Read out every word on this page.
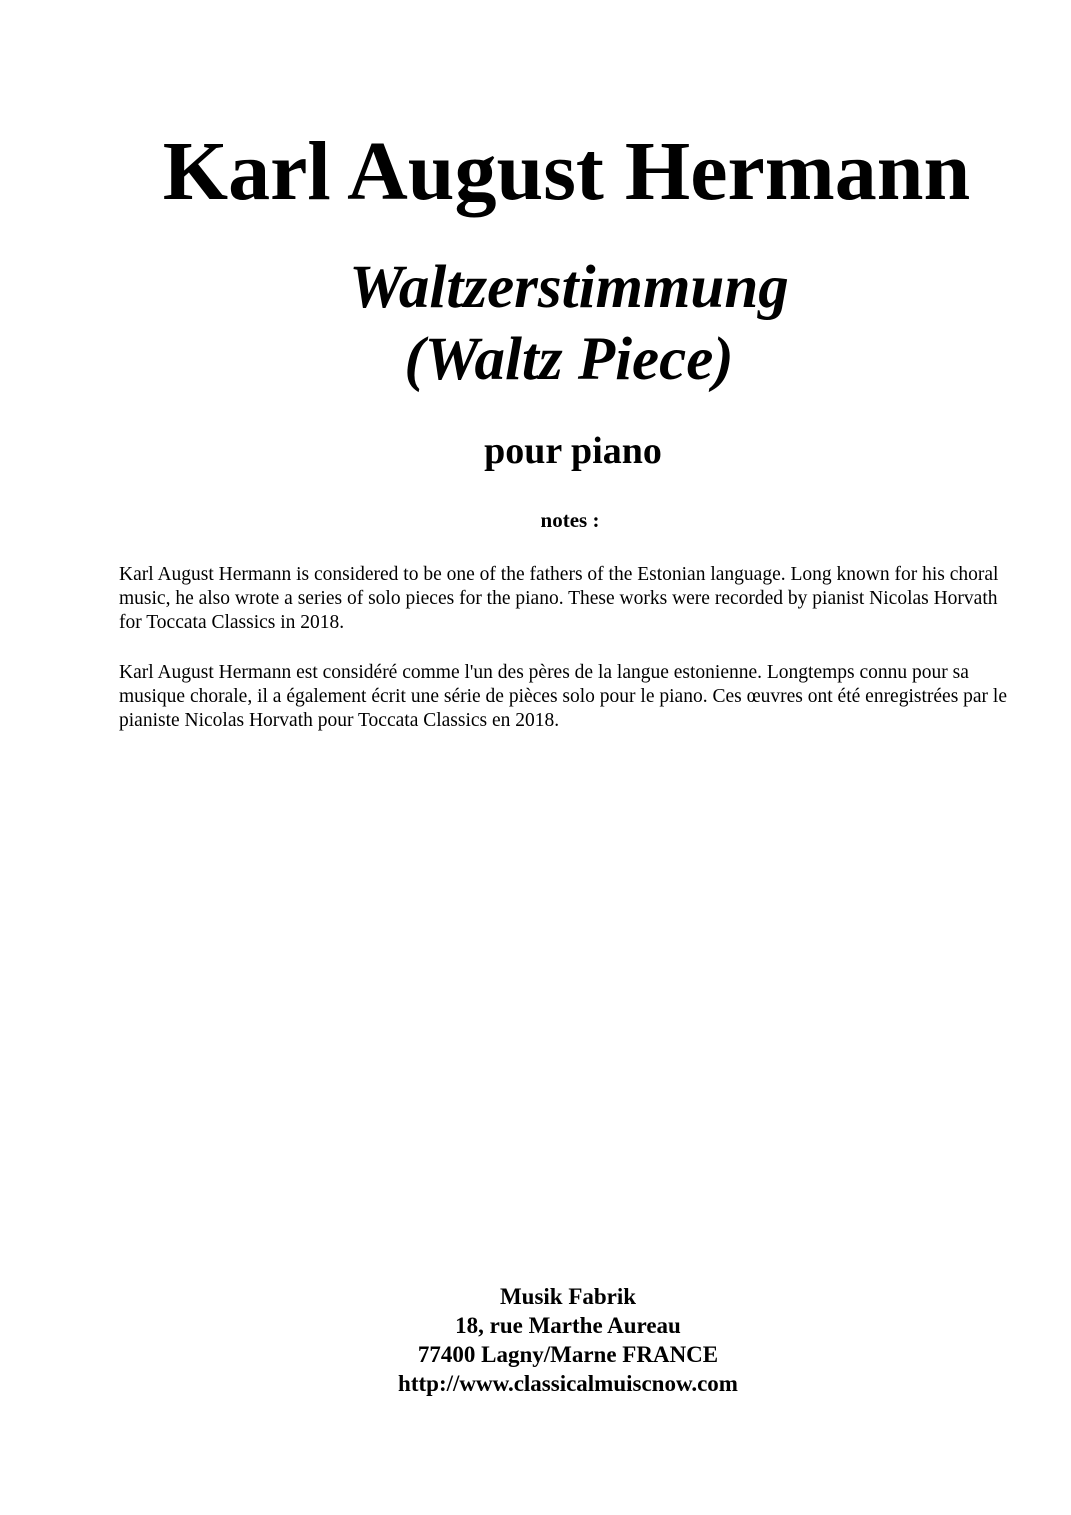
Karl August Hermann
Waltzerstimmung
(Waltz Piece)
pour piano
notes :

Karl August Hermann is considered to be one of the fathers of the Estonian language. Long known for his choral music, he also wrote a series of solo pieces for the piano. These works were recorded by pianist Nicolas Horvath for Toccata Classics in 2018.

Karl August Hermann est considéré comme l'un des pères de la langue estonienne. Longtemps connu pour sa musique chorale, il a également écrit une série de pièces solo pour le piano. Ces œuvres ont été enregistrées par le pianiste Nicolas Horvath pour Toccata Classics en 2018.

Musik Fabrik
18, rue Marthe Aureau
77400 Lagny/Marne FRANCE
http://www.classicalmuiscnow.com
